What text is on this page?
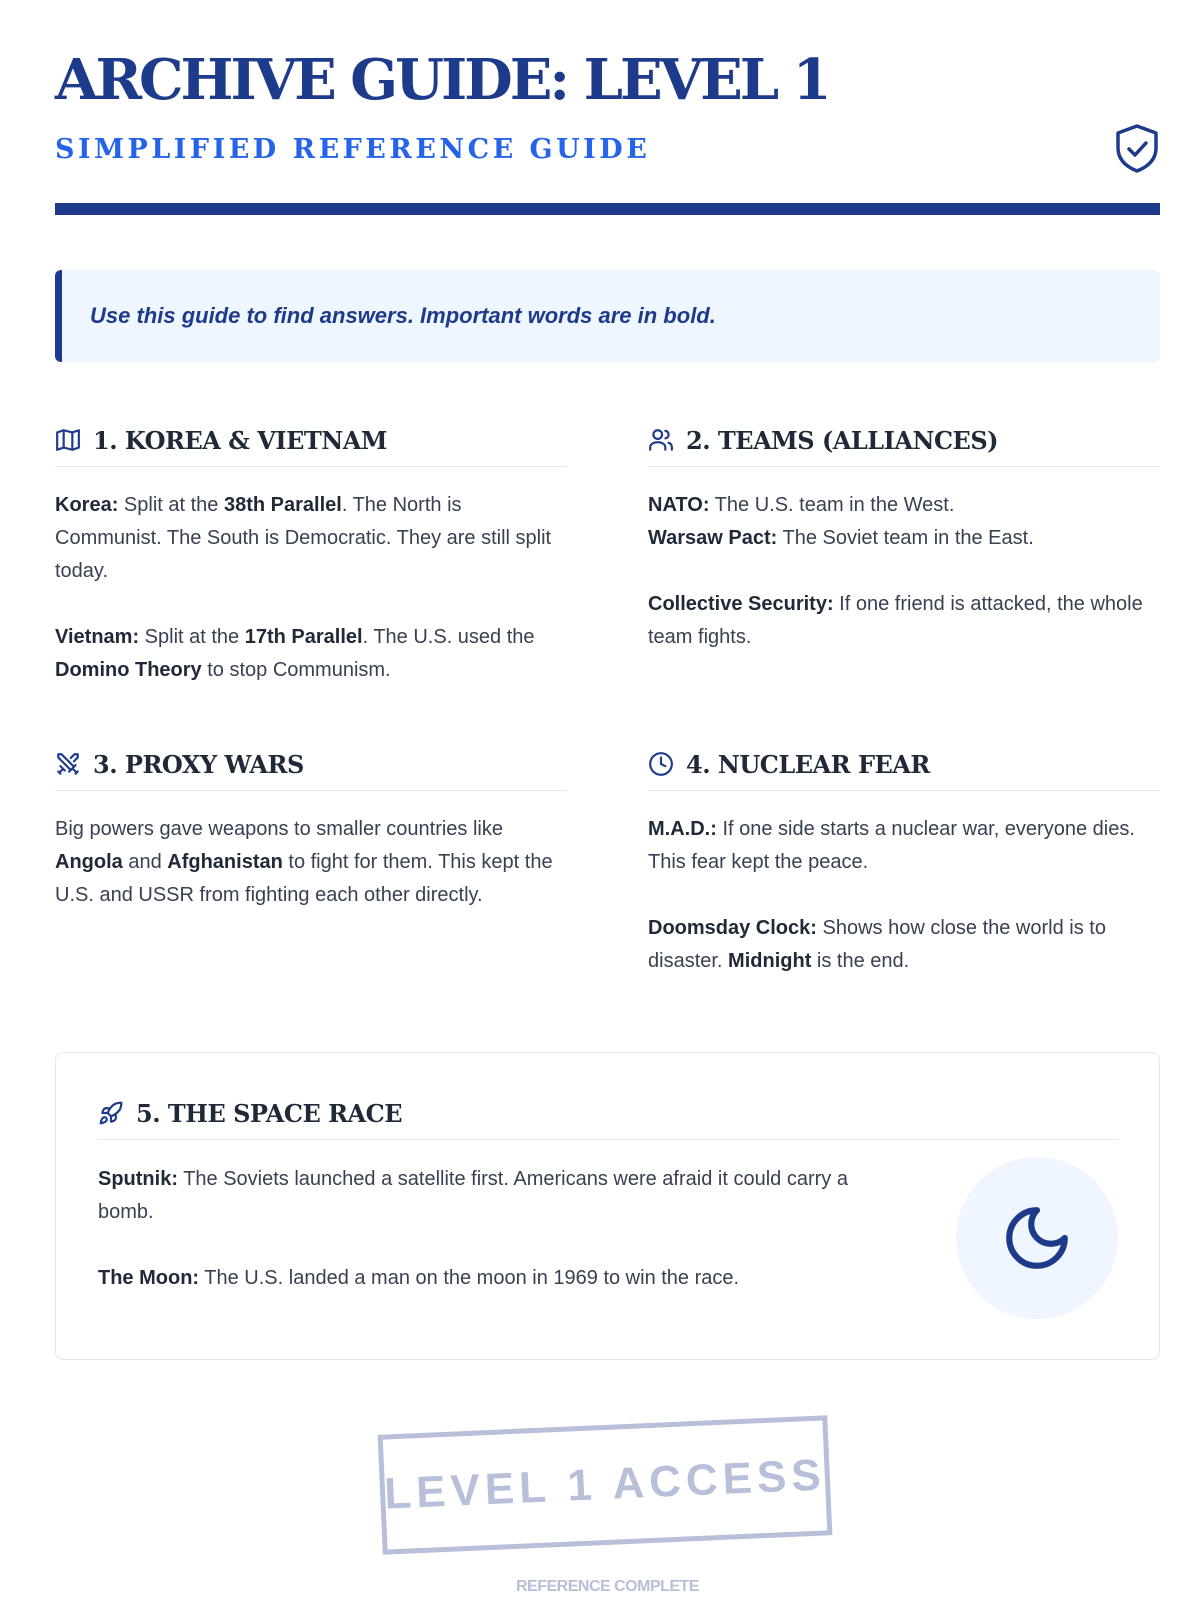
ARCHIVE GUIDE: LEVEL 1
SIMPLIFIED REFERENCE GUIDE
Use this guide to find answers. Important words are in bold.
1. KOREA & VIETNAM

Korea: Split at the 38th Parallel. The North is Communist. The South is Democratic. They are still split today.

Vietnam: Split at the 17th Parallel. The U.S. used the Domino Theory to stop Communism.

2. TEAMS (ALLIANCES)

NATO: The U.S. team in the West.
Warsaw Pact: The Soviet team in the East.

Collective Security: If one friend is attacked, the whole team fights.

3. PROXY WARS

Big powers gave weapons to smaller countries like Angola and Afghanistan to fight for them. This kept the U.S. and USSR from fighting each other directly.

4. NUCLEAR FEAR

M.A.D.: If one side starts a nuclear war, everyone dies. This fear kept the peace.

Doomsday Clock: Shows how close the world is to disaster. Midnight is the end.

5. THE SPACE RACE

Sputnik: The Soviets launched a satellite first. Americans were afraid it could carry a bomb.

The Moon: The U.S. landed a man on the moon in 1969 to win the race.

LEVEL 1 ACCESS
REFERENCE COMPLETE
